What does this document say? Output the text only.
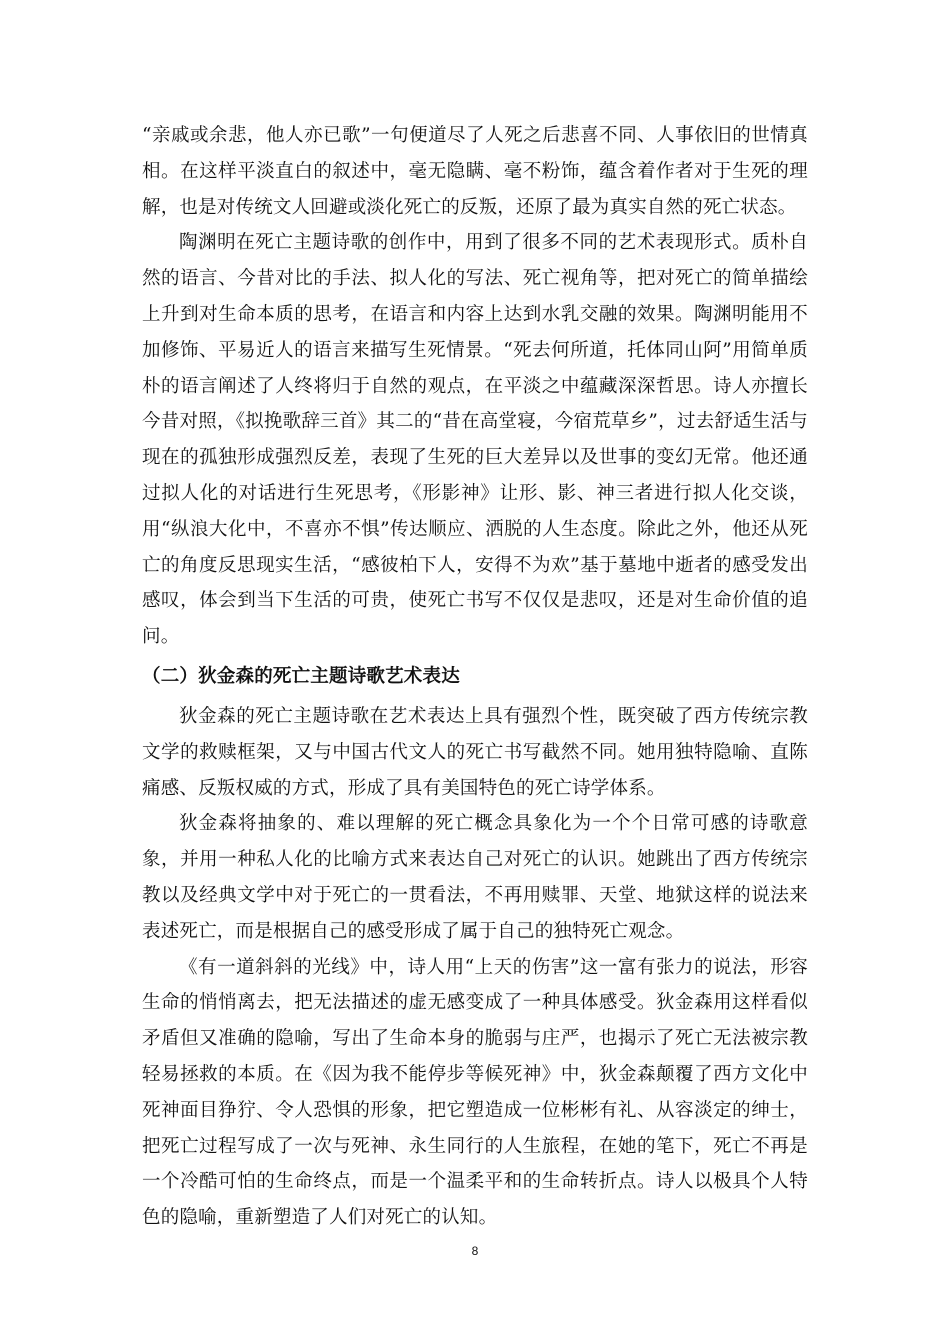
“亲戚或余悲，他人亦已歌”一句便道尽了人死之后悲喜不同、人事依旧的世情真相。在这样平淡直白的叙述中，毫无隐瞒、毫不粉饰，蕴含着作者对于生死的理解，也是对传统文人回避或淡化死亡的反叛，还原了最为真实自然的死亡状态。

陶渊明在死亡主题诗歌的创作中，用到了很多不同的艺术表现形式。质朴自然的语言、今昔对比的手法、拟人化的写法、死亡视角等，把对死亡的简单描绘上升到对生命本质的思考，在语言和内容上达到水乳交融的效果。陶渊明能用不加修饰、平易近人的语言来描写生死情景。“死去何所道，托体同山阿”用简单质朴的语言阐述了人终将归于自然的观点，在平淡之中蕴藏深深哲思。诗人亦擅长今昔对照，《拟挽歌辞三首》其二的“昔在高堂寝，今宿荒草乡”，过去舒适生活与现在的孤独形成强烈反差，表现了生死的巨大差异以及世事的变幻无常。他还通过拟人化的对话进行生死思考，《形影神》让形、影、神三者进行拟人化交谈，用“纵浪大化中，不喜亦不惧”传达顺应、洒脱的人生态度。除此之外，他还从死亡的角度反思现实生活，“感彼柏下人，安得不为欢”基于墓地中逝者的感受发出感叹，体会到当下生活的可贵，使死亡书写不仅仅是悲叹，还是对生命价值的追问。

（二）狄金森的死亡主题诗歌艺术表达

狄金森的死亡主题诗歌在艺术表达上具有强烈个性，既突破了西方传统宗教文学的救赎框架，又与中国古代文人的死亡书写截然不同。她用独特隐喻、直陈痛感、反叛权威的方式，形成了具有美国特色的死亡诗学体系。

狄金森将抽象的、难以理解的死亡概念具象化为一个个日常可感的诗歌意象，并用一种私人化的比喻方式来表达自己对死亡的认识。她跳出了西方传统宗教以及经典文学中对于死亡的一贯看法，不再用赎罪、天堂、地狱这样的说法来表述死亡，而是根据自己的感受形成了属于自己的独特死亡观念。

《有一道斜斜的光线》中，诗人用“上天的伤害”这一富有张力的说法，形容生命的悄悄离去，把无法描述的虚无感变成了一种具体感受。狄金森用这样看似矛盾但又准确的隐喻，写出了生命本身的脆弱与庄严，也揭示了死亡无法被宗教轻易拯救的本质。在《因为我不能停步等候死神》中，狄金森颠覆了西方文化中死神面目狰狞、令人恐惧的形象，把它塑造成一位彬彬有礼、从容淡定的绅士，把死亡过程写成了一次与死神、永生同行的人生旅程，在她的笔下，死亡不再是一个冷酷可怕的生命终点，而是一个温柔平和的生命转折点。诗人以极具个人特色的隐喻，重新塑造了人们对死亡的认知。

8
